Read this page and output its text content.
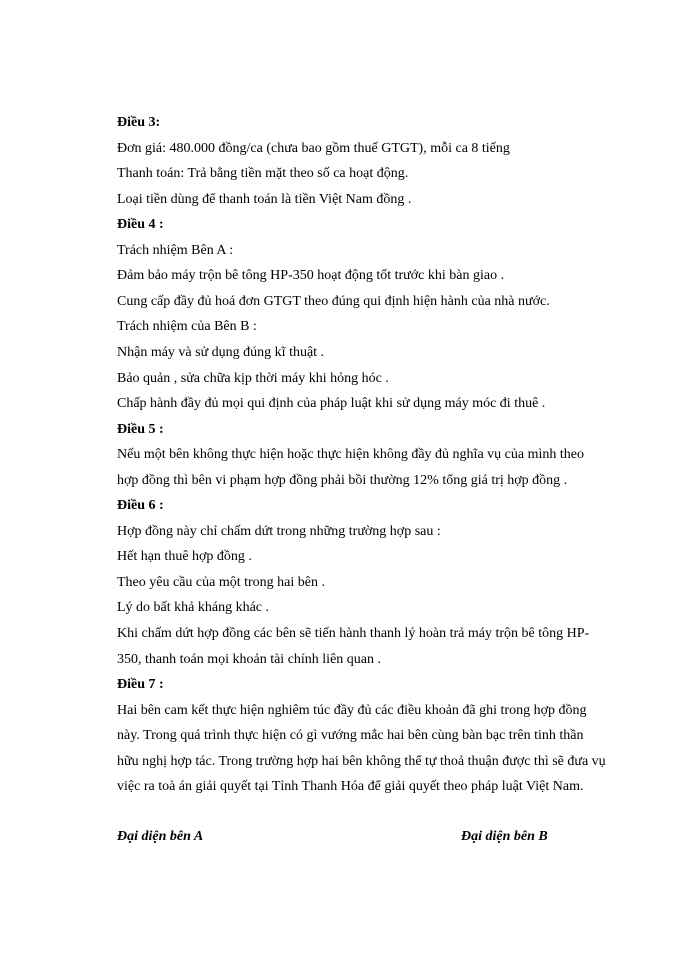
Điều 3:
Đơn giá: 480.000 đồng/ca (chưa bao gồm thuế GTGT), mỗi ca 8 tiếng
Thanh toán: Trả bằng tiền mặt theo số ca hoạt động.
Loại tiền dùng để thanh toán là tiền Việt Nam đồng .
Điều 4 :
Trách nhiệm Bên A :
Đảm bảo máy trộn bê tông HP-350 hoạt động tốt trước khi bàn giao .
Cung cấp đầy đủ hoá đơn GTGT theo đúng qui định hiện hành của nhà nước.
Trách nhiệm của Bên B :
Nhận máy và sử dụng đúng kĩ thuật .
Bảo quản , sửa chữa kịp thời máy khi hỏng hóc .
Chấp hành đầy đủ mọi qui định của pháp luật khi sử dụng máy móc đi thuê .
Điều 5 :
Nếu một bên không thực hiện hoặc thực hiện không đầy đủ nghĩa vụ của mình theo
hợp đồng thì bên vi phạm hợp đồng phải bồi thường 12% tổng giá trị hợp đồng .
Điều 6 :
Hợp đồng này chỉ chấm dứt trong những trường hợp sau :
Hết hạn thuê hợp đồng .
Theo yêu cầu của một trong hai bên .
Lý do bất khả kháng khác .
Khi chấm dứt hợp đồng các bên sẽ tiến hành thanh lý hoàn trả máy trộn bê tông HP-
350, thanh toán mọi khoản tài chính liên quan .
Điều 7 :
Hai bên cam kết thực hiện nghiêm túc đầy đủ các điều khoản đã ghi trong hợp đồng
này. Trong quá trình thực hiện có gì vướng mắc hai bên cùng bàn bạc trên tinh thần
hữu nghị hợp tác. Trong trường hợp hai bên không thể tự thoả thuận được thì sẽ đưa vụ
việc ra toà án giải quyết tại Tỉnh Thanh Hóa để giải quyết theo pháp luật Việt Nam.
Đại diện bên A	Đại diện bên B
